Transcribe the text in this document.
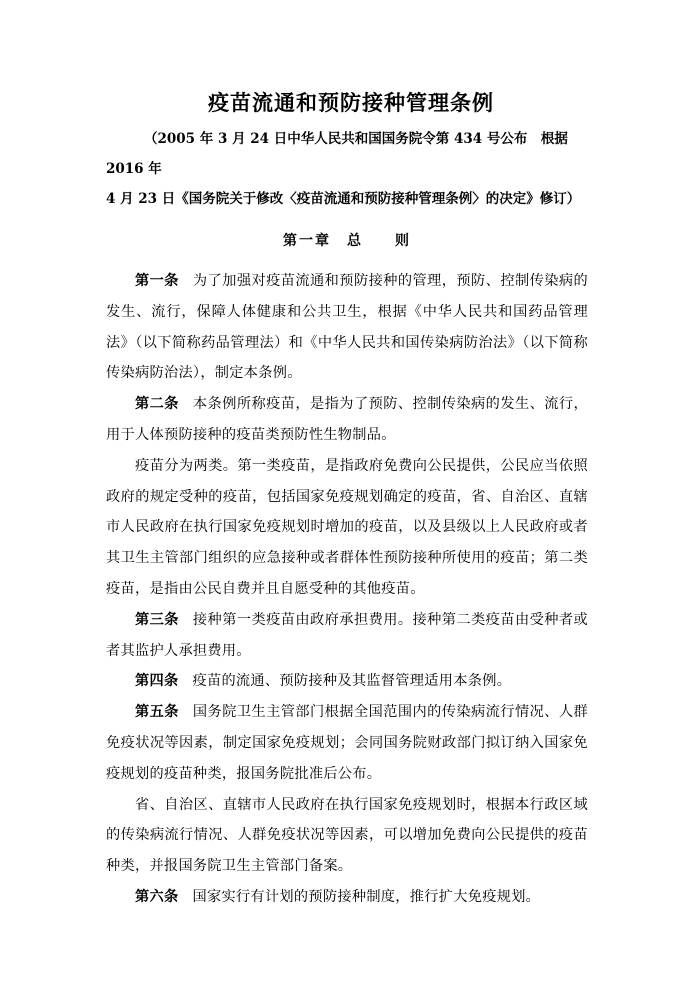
疫苗流通和预防接种管理条例
（2005 年 3 月 24 日中华人民共和国国务院令第 434 号公布　根据 2016 年
4 月 23 日《国务院关于修改〈疫苗流通和预防接种管理条例〉的决定》修订）
第一章　总　　则

第一条 为了加强对疫苗流通和预防接种的管理，预防、控制传染病的发生、流行，保障人体健康和公共卫生，根据《中华人民共和国药品管理法》（以下简称药品管理法）和《中华人民共和国传染病防治法》（以下简称传染病防治法），制定本条例。

第二条 本条例所称疫苗，是指为了预防、控制传染病的发生、流行，用于人体预防接种的疫苗类预防性生物制品。

疫苗分为两类。第一类疫苗，是指政府免费向公民提供，公民应当依照政府的规定受种的疫苗，包括国家免疫规划确定的疫苗，省、自治区、直辖市人民政府在执行国家免疫规划时增加的疫苗，以及县级以上人民政府或者其卫生主管部门组织的应急接种或者群体性预防接种所使用的疫苗；第二类疫苗，是指由公民自费并且自愿受种的其他疫苗。

第三条 接种第一类疫苗由政府承担费用。接种第二类疫苗由受种者或者其监护人承担费用。

第四条 疫苗的流通、预防接种及其监督管理适用本条例。

第五条 国务院卫生主管部门根据全国范围内的传染病流行情况、人群免疫状况等因素，制定国家免疫规划；会同国务院财政部门拟订纳入国家免疫规划的疫苗种类，报国务院批准后公布。

省、自治区、直辖市人民政府在执行国家免疫规划时，根据本行政区域的传染病流行情况、人群免疫状况等因素，可以增加免费向公民提供的疫苗种类，并报国务院卫生主管部门备案。

第六条 国家实行有计划的预防接种制度，推行扩大免疫规划。
